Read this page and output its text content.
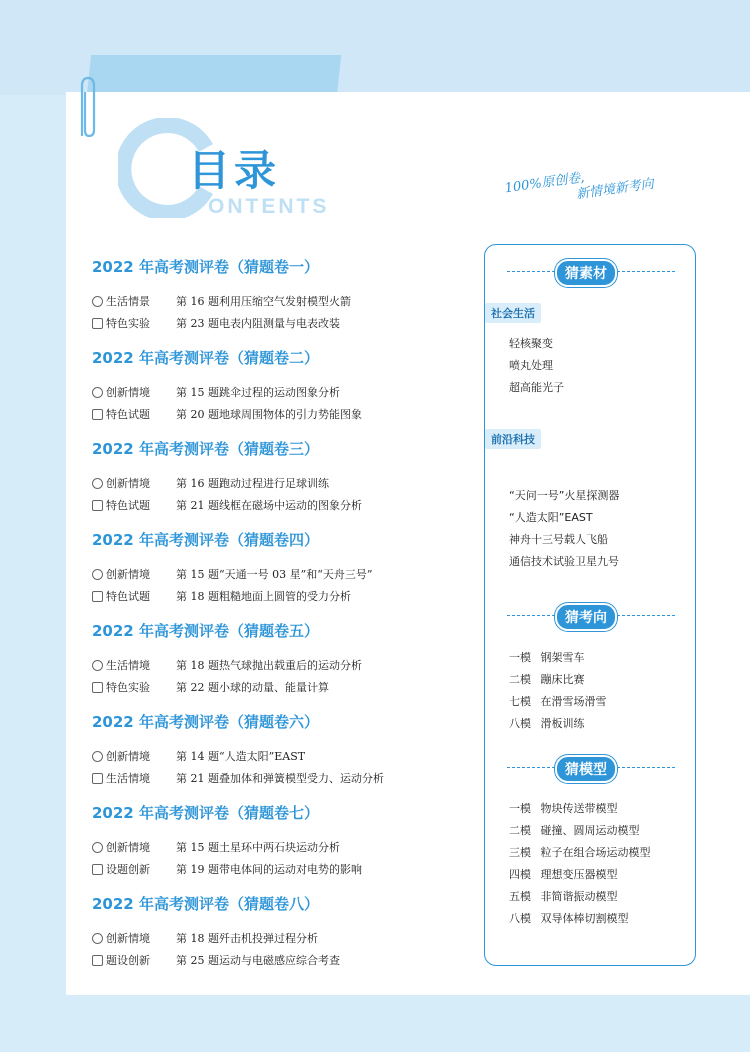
目录
ONTENTS
100%原创卷,
新情境新考向
2022 年高考测评卷（猜题卷一）
生活情景	第 16 题利用压缩空气发射模型火箭
特色实验	第 23 题电表内阻测量与电表改装
2022 年高考测评卷（猜题卷二）
创新情境	第 15 题跳伞过程的运动图象分析
特色试题	第 20 题地球周围物体的引力势能图象
2022 年高考测评卷（猜题卷三）
创新情境	第 16 题跑动过程进行足球训练
特色试题	第 21 题线框在磁场中运动的图象分析
2022 年高考测评卷（猜题卷四）
创新情境	第 15 题“天通一号 03 星”和“天舟三号”
特色试题	第 18 题粗糙地面上圆管的受力分析
2022 年高考测评卷（猜题卷五）
生活情境	第 18 题热气球抛出载重后的运动分析
特色实验	第 22 题小球的动量、能量计算
2022 年高考测评卷（猜题卷六）
创新情境	第 14 题“人造太阳”EAST
生活情境	第 21 题叠加体和弹簧模型受力、运动分析
2022 年高考测评卷（猜题卷七）
创新情境	第 15 题土星环中两石块运动分析
设题创新	第 19 题带电体间的运动对电势的影响
2022 年高考测评卷（猜题卷八）
创新情境	第 18 题歼击机投弹过程分析
题设创新	第 25 题运动与电磁感应综合考查
猜素材
社会生活
轻核聚变
喷丸处理
超高能光子
前沿科技
“天问一号”火星探测器
“人造太阳”EAST
神舟十三号载人飞船
通信技术试验卫星九号
猜考向
一模 钢架雪车
二模 蹦床比赛
七模 在滑雪场滑雪
八模 滑板训练
猜模型
一模 物块传送带模型
二模 碰撞、圆周运动模型
三模 粒子在组合场运动模型
四模 理想变压器模型
五模 非简谐振动模型
八模 双导体棒切割模型
